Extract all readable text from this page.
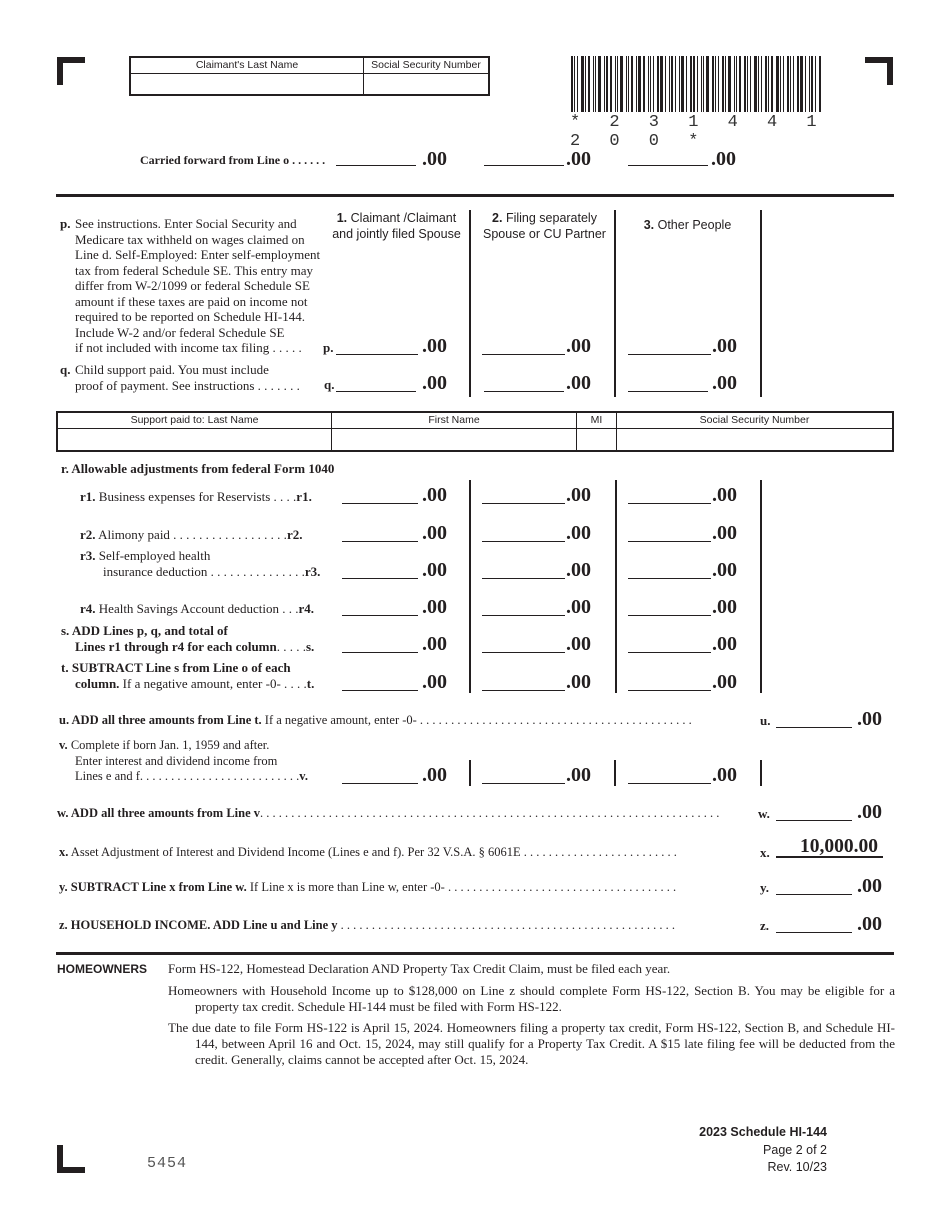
Claimant's Last Name	Social Security Number
* 2 3 1 4 4 1 2 0 0 *
Carried forward from Line o . . . . . .	.00	.00	.00
1. Claimant /Claimant
and jointly filed Spouse
2. Filing separately
Spouse or CU Partner
3. Other People
p. See instructions. Enter Social Security and
Medicare tax withheld on wages claimed on
Line d. Self-Employed: Enter self-employment
tax from federal Schedule SE. This entry may
differ from W-2/1099 or federal Schedule SE
amount if these taxes are paid on income not
required to be reported on Schedule HI-144.
Include W-2 and/or federal Schedule SE
if not included with income tax filing . . . . .	p.	.00	.00	.00
q. Child support paid. You must include
proof of payment. See instructions . . . . . . . q.	.00	.00	.00
Support paid to: Last Name	First Name	MI	Social Security Number
r. Allowable adjustments from federal Form 1040
r1. Business expenses for Reservists . . . .r1.	.00	.00	.00
r2. Alimony paid . . . . . . . . . . . . . . . . . .r2.	.00	.00	.00
r3. Self-employed health
insurance deduction . . . . . . . . . . . . . . .r3.	.00	.00	.00
r4. Health Savings Account deduction . . .r4.	.00	.00	.00
s. ADD Lines p, q, and total of
Lines r1 through r4 for each column. . . . .s.	.00	.00	.00
t. SUBTRACT Line s from Line o of each
column. If a negative amount, enter -0- . . . .t.	.00	.00	.00
u. ADD all three amounts from Line t. If a negative amount, enter -0- . . . . . . . . . . . . . . . . . . . . . . . . . . . . . . . . . . . . . . . . . . . .	u.	.00
v. Complete if born Jan. 1, 1959 and after.
Enter interest and dividend income from
Lines e and f. . . . . . . . . . . . . . . . . . . . . . . . . .v.	.00	.00	.00
w. ADD all three amounts from Line v. . . . . . . . . . . . . . . . . . . . . . . . . . . . . . . . . . . . . . . . . . . . . . . . . . . . . . . . . . . . . . . . . . . . . . . . . .	w.	.00
x. Asset Adjustment of Interest and Dividend Income (Lines e and f). Per 32 V.S.A. § 6061E . . . . . . . . . . . . . . . . . . . . . . . . .	x. 10,000.00
y. SUBTRACT Line x from Line w. If Line x is more than Line w, enter -0- . . . . . . . . . . . . . . . . . . . . . . . . . . . . . . . . . . . . .	y.	.00
z. HOUSEHOLD INCOME. ADD Line u and Line y . . . . . . . . . . . . . . . . . . . . . . . . . . . . . . . . . . . . . . . . . . . . . . . . . . . . . .	z.	.00
HOMEOWNERS Form HS-122, Homestead Declaration AND Property Tax Credit Claim, must be filed each year.
Homeowners with Household Income up to $128,000 on Line z should complete Form HS-122, Section B. You may be eligible for a property tax credit. Schedule HI-144 must be filed with Form HS-122.
The due date to file Form HS-122 is April 15, 2024. Homeowners filing a property tax credit, Form HS-122, Section B, and Schedule HI-144, between April 16 and Oct. 15, 2024, may still qualify for a Property Tax Credit. A $15 late filing fee will be deducted from the credit. Generally, claims cannot be accepted after Oct. 15, 2024.
5454
2023 Schedule HI-144
Page 2 of 2
Rev. 10/23
